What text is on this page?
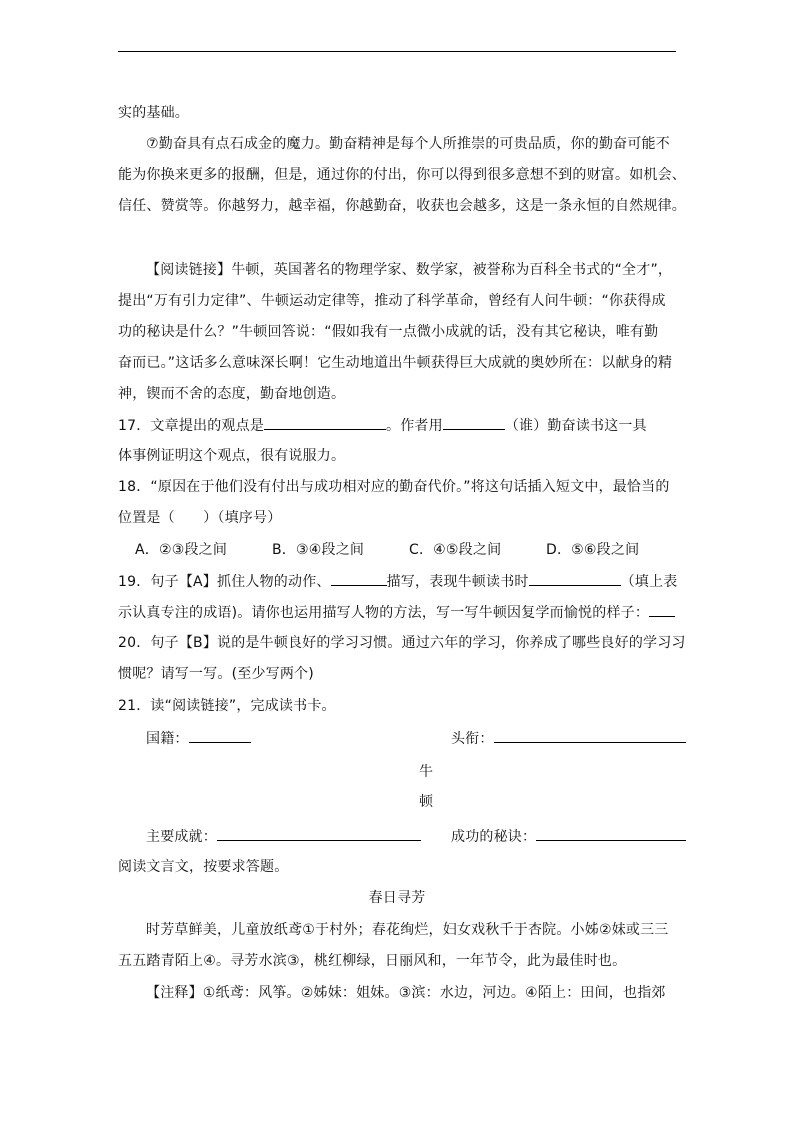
实的基础。
⑦勤奋具有点石成金的魔力。勤奋精神是每个人所推崇的可贵品质，你的勤奋可能不
能为你换来更多的报酬，但是，通过你的付出，你可以得到很多意想不到的财富。如机会、
信任、赞赏等。你越努力，越幸福，你越勤奋，收获也会越多，这是一条永恒的自然规律。
【阅读链接】牛顿，英国著名的物理学家、数学家，被誉称为百科全书式的“全才”，
提出“万有引力定律”、牛顿运动定律等，推动了科学革命，曾经有人问牛顿：“你获得成
功的秘诀是什么？”牛顿回答说：“假如我有一点微小成就的话，没有其它秘诀，唯有勤
奋而已。”这话多么意味深长啊！它生动地道出牛顿获得巨大成就的奥妙所在：以献身的精
神，锲而不舍的态度，勤奋地创造。
17．文章提出的观点是	。作者用	（谁）勤奋读书这一具
体事例证明这个观点，很有说服力。
18．“原因在于他们没有付出与成功相对应的勤奋代价。”将这句话插入短文中，最恰当的
位置是（　　）（填序号）
A．②③段之间	B．③④段之间	C．④⑤段之间	D．⑤⑥段之间
19．句子【A】抓住人物的动作、	描写，表现牛顿读书时	（填上表
示认真专注的成语)。请你也运用描写人物的方法，写一写牛顿因复学而愉悦的样子：
20．句子【B】说的是牛顿良好的学习习惯。通过六年的学习，你养成了哪些良好的学习习
惯呢？请写一写。(至少写两个)
21．读“阅读链接”，完成读书卡。
国籍：	头衔：
牛
顿
主要成就：	成功的秘诀：
阅读文言文，按要求答题。
春日寻芳
时芳草鲜美，儿童放纸鸢①于村外；春花绚烂，妇女戏秋千于杏院。小姊②妹或三三
五五踏青陌上④。寻芳水滨③，桃红柳绿，日丽风和，一年节令，此为最佳时也。
【注释】①纸鸢：风筝。②姊妹：姐妹。③滨：水边，河边。④陌上：田间，也指郊
